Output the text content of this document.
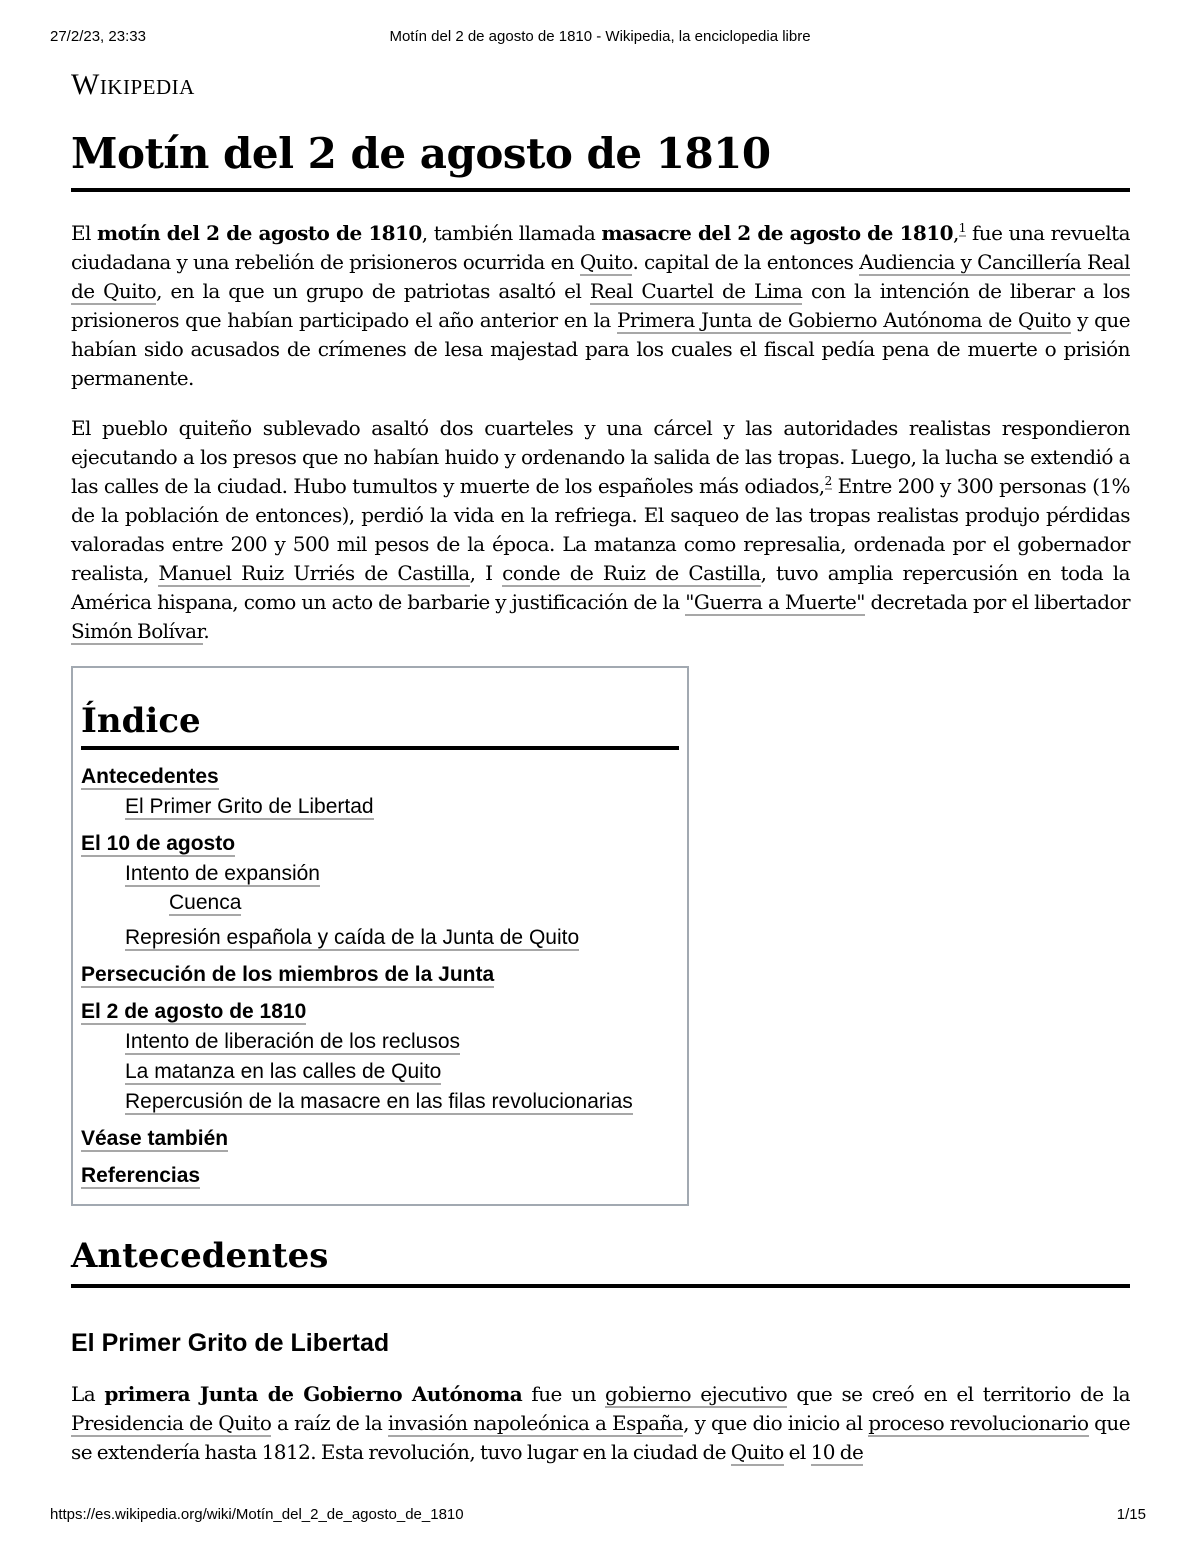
27/2/23, 23:33	Motín del 2 de agosto de 1810 - Wikipedia, la enciclopedia libre
Wikipedia
Motín del 2 de agosto de 1810

El motín del 2 de agosto de 1810, también llamada masacre del 2 de agosto de 1810,$^1$ fue una revuelta ciudadana y una rebelión de prisioneros ocurrida en Quito. capital de la entonces Audiencia y Cancillería Real de Quito, en la que un grupo de patriotas asaltó el Real Cuartel de Lima con la intención de liberar a los prisioneros que habían participado el año anterior en la Primera Junta de Gobierno Autónoma de Quito y que habían sido acusados de crímenes de lesa majestad para los cuales el fiscal pedía pena de muerte o prisión permanente.

El pueblo quiteño sublevado asaltó dos cuarteles y una cárcel y las autoridades realistas respondieron ejecutando a los presos que no habían huido y ordenando la salida de las tropas. Luego, la lucha se extendió a las calles de la ciudad. Hubo tumultos y muerte de los españoles más odiados,$^2$ Entre 200 y 300 personas (1% de la población de entonces), perdió la vida en la refriega. El saqueo de las tropas realistas produjo pérdidas valoradas entre 200 y 500 mil pesos de la época. La matanza como represalia, ordenada por el gobernador realista, Manuel Ruiz Urriés de Castilla, I conde de Ruiz de Castilla, tuvo amplia repercusión en toda la América hispana, como un acto de barbarie y justificación de la "Guerra a Muerte" decretada por el libertador Simón Bolívar.

Índice
Antecedentes
El Primer Grito de Libertad
El 10 de agosto
Intento de expansión
Cuenca
Represión española y caída de la Junta de Quito
Persecución de los miembros de la Junta
El 2 de agosto de 1810
Intento de liberación de los reclusos
La matanza en las calles de Quito
Repercusión de la masacre en las filas revolucionarias
Véase también
Referencias
Antecedentes
El Primer Grito de Libertad

La primera Junta de Gobierno Autónoma fue un gobierno ejecutivo que se creó en el territorio de la Presidencia de Quito a raíz de la invasión napoleónica a España, y que dio inicio al proceso revolucionario que se extendería hasta 1812. Esta revolución, tuvo lugar en la ciudad de Quito el 10 de

https://es.wikipedia.org/wiki/Motín_del_2_de_agosto_de_1810	1/15
